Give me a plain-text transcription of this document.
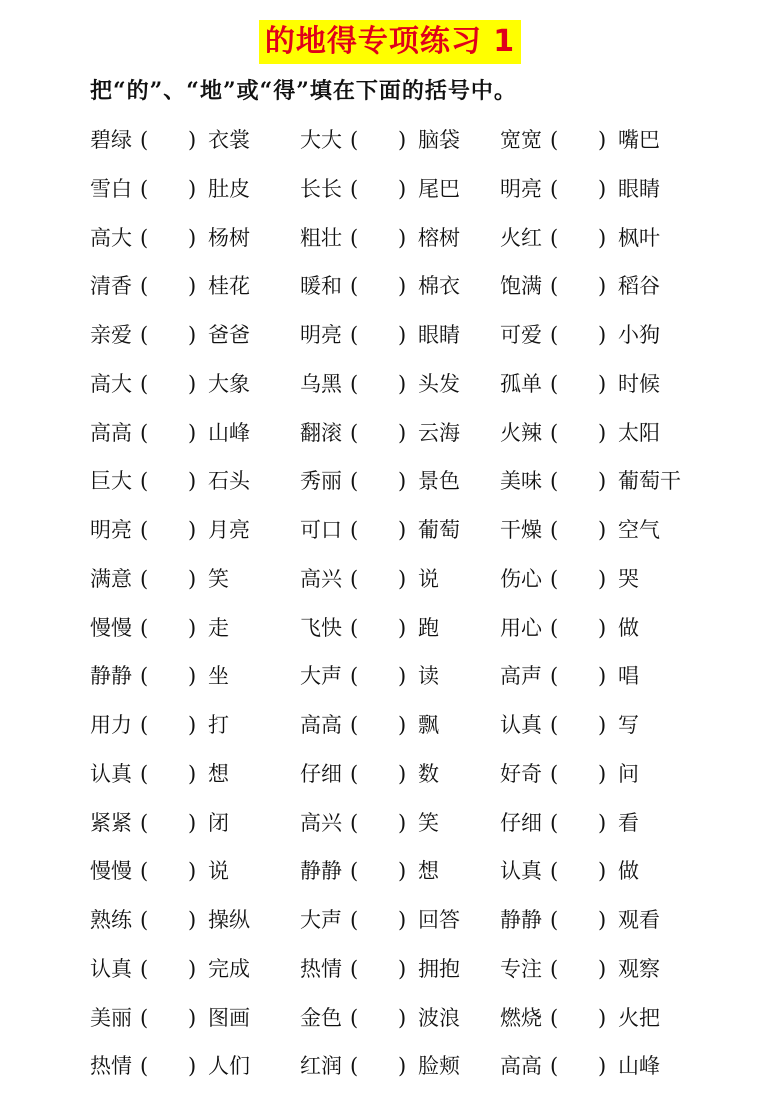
的地得专项练习 1
把“的”、“地”或“得”填在下面的括号中。
碧绿 ( ) 衣裳 大大 ( ) 脑袋 宽宽 ( ) 嘴巴
雪白 ( ) 肚皮 长长 ( ) 尾巴 明亮 ( ) 眼睛
高大 ( ) 杨树 粗壮 ( ) 榕树 火红 ( ) 枫叶
清香 ( ) 桂花 暖和 ( ) 棉衣 饱满 ( ) 稻谷
亲爱 ( ) 爸爸 明亮 ( ) 眼睛 可爱 ( ) 小狗
高大 ( ) 大象 乌黑 ( ) 头发 孤单 ( ) 时候
高高 ( ) 山峰 翻滚 ( ) 云海 火辣 ( ) 太阳
巨大 ( ) 石头 秀丽 ( ) 景色 美味 ( ) 葡萄干
明亮 ( ) 月亮 可口 ( ) 葡萄 干燥 ( ) 空气
满意 ( ) 笑	高兴 ( ) 说	伤心 ( ) 哭
慢慢 ( ) 走	飞快 ( ) 跑	用心 ( ) 做
静静 ( ) 坐	大声 ( ) 读	高声 ( ) 唱
用力 ( ) 打	高高 ( ) 飘	认真 ( ) 写
认真 ( ) 想	仔细 ( ) 数	好奇 ( ) 问
紧紧 ( ) 闭	高兴 ( ) 笑	仔细 ( ) 看
慢慢 ( ) 说	静静 ( ) 想	认真 ( ) 做
熟练 ( ) 操纵 大声 ( ) 回答 静静 ( ) 观看
认真 ( ) 完成 热情 ( ) 拥抱 专注 ( ) 观察
美丽 ( ) 图画 金色 ( ) 波浪 燃烧 ( ) 火把
热情 ( ) 人们 红润 ( ) 脸颊 高高 ( ) 山峰
